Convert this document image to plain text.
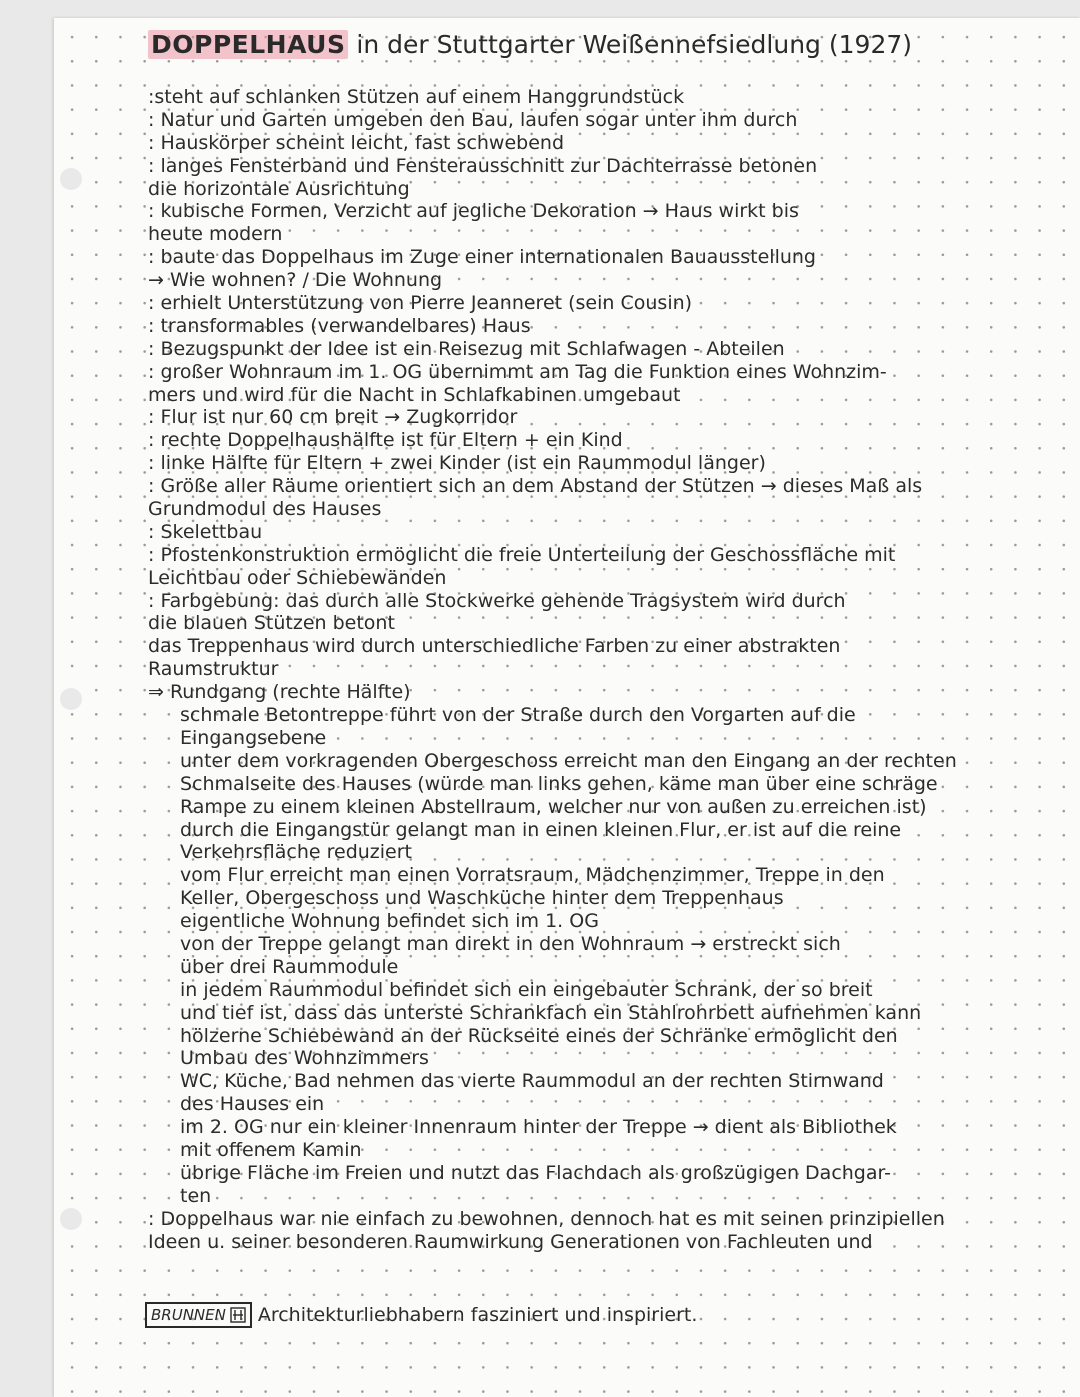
DOPPELHAUS in der Stuttgarter Weißennefsiedlung (1927)
:steht auf schlanken Stützen auf einem Hanggrundstück
: Natur und Garten umgeben den Bau, laufen sogar unter ihm durch
: Hauskörper scheint leicht, fast schwebend
: langes Fensterband und Fensterausschnitt zur Dachterrasse betonen
die horizontale Ausrichtung
: kubische Formen, Verzicht auf jegliche Dekoration → Haus wirkt bis
heute modern
: baute das Doppelhaus im Zuge einer internationalen Bauausstellung
→ Wie wohnen? / Die Wohnung
: erhielt Unterstützung von Pierre Jeanneret (sein Cousin)
: transformables (verwandelbares) Haus
: Bezugspunkt der Idee ist ein Reisezug mit Schlafwagen - Abteilen
: großer Wohnraum im 1. OG übernimmt am Tag die Funktion eines Wohnzim-
mers und wird für die Nacht in Schlafkabinen umgebaut
: Flur ist nur 60 cm breit → Zugkorridor
: rechte Doppelhaushälfte ist für Eltern + ein Kind
: linke Hälfte für Eltern + zwei Kinder (ist ein Raummodul länger)
: Größe aller Räume orientiert sich an dem Abstand der Stützen → dieses Maß als
Grundmodul des Hauses
: Skelettbau
: Pfostenkonstruktion ermöglicht die freie Unterteilung der Geschossfläche mit
Leichtbau oder Schiebewänden
: Farbgebung: das durch alle Stockwerke gehende Tragsystem wird durch
die blauen Stützen betont
das Treppenhaus wird durch unterschiedliche Farben zu einer abstrakten
Raumstruktur
⇒ Rundgang (rechte Hälfte)
schmale Betontreppe führt von der Straße durch den Vorgarten auf die
Eingangsebene
unter dem vorkragenden Obergeschoss erreicht man den Eingang an der rechten
Schmalseite des Hauses (würde man links gehen, käme man über eine schräge
Rampe zu einem kleinen Abstellraum, welcher nur von außen zu erreichen ist)
durch die Eingangstür gelangt man in einen kleinen Flur, er ist auf die reine
Verkehrsfläche reduziert
vom Flur erreicht man einen Vorratsraum, Mädchenzimmer, Treppe in den
Keller, Obergeschoss und Waschküche hinter dem Treppenhaus
eigentliche Wohnung befindet sich im 1. OG
von der Treppe gelangt man direkt in den Wohnraum → erstreckt sich
über drei Raummodule
in jedem Raummodul befindet sich ein eingebauter Schrank, der so breit
und tief ist, dass das unterste Schrankfach ein Stahlrohrbett aufnehmen kann
hölzerne Schiebewand an der Rückseite eines der Schränke ermöglicht den
Umbau des Wohnzimmers
WC, Küche, Bad nehmen das vierte Raummodul an der rechten Stirnwand
des Hauses ein
im 2. OG nur ein kleiner Innenraum hinter der Treppe → dient als Bibliothek
mit offenem Kamin
übrige Fläche im Freien und nutzt das Flachdach als großzügigen Dachgar-
ten
: Doppelhaus war nie einfach zu bewohnen, dennoch hat es mit seinen prinzipiellen
Ideen u. seiner besonderen Raumwirkung Generationen von Fachleuten und
BRUNNEN Architekturliebhabern fasziniert und inspiriert.
